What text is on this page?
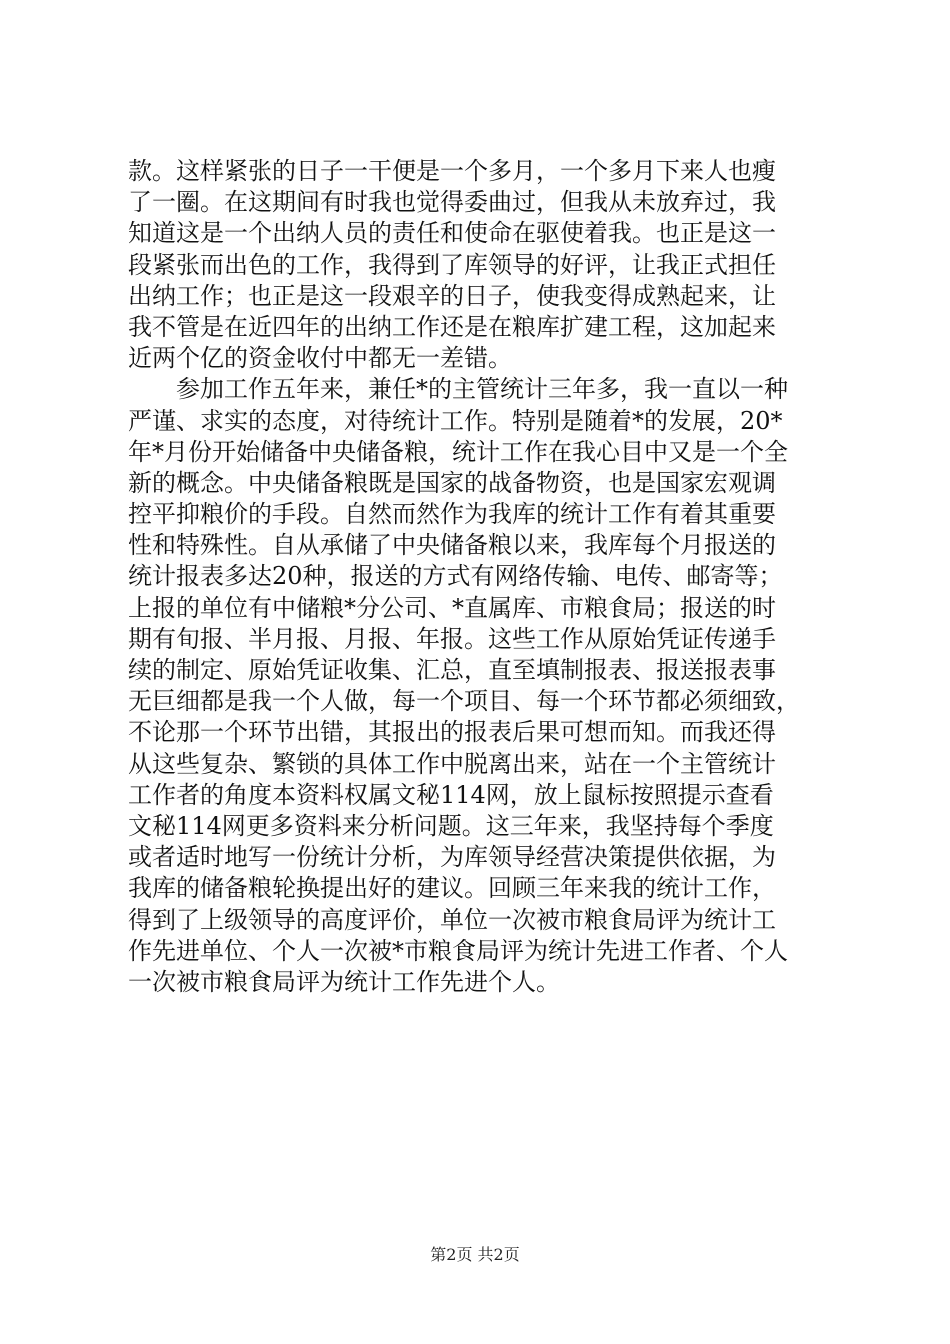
款。这样紧张的日子一干便是一个多月，一个多月下来人也瘦
了一圈。在这期间有时我也觉得委曲过，但我从未放弃过，我
知道这是一个出纳人员的责任和使命在驱使着我。也正是这一
段紧张而出色的工作，我得到了库领导的好评，让我正式担任
出纳工作；也正是这一段艰辛的日子，使我变得成熟起来，让
我不管是在近四年的出纳工作还是在粮库扩建工程，这加起来
近两个亿的资金收付中都无一差错。
　　参加工作五年来，兼任*的主管统计三年多，我一直以一种
严谨、求实的态度，对待统计工作。特别是随着*的发展，20*
年*月份开始储备中央储备粮，统计工作在我心目中又是一个全
新的概念。中央储备粮既是国家的战备物资，也是国家宏观调
控平抑粮价的手段。自然而然作为我库的统计工作有着其重要
性和特殊性。自从承储了中央储备粮以来，我库每个月报送的
统计报表多达20种，报送的方式有网络传输、电传、邮寄等；
上报的单位有中储粮*分公司、*直属库、市粮食局；报送的时
期有旬报、半月报、月报、年报。这些工作从原始凭证传递手
续的制定、原始凭证收集、汇总，直至填制报表、报送报表事
无巨细都是我一个人做，每一个项目、每一个环节都必须细致，
不论那一个环节出错，其报出的报表后果可想而知。而我还得
从这些复杂、繁锁的具体工作中脱离出来，站在一个主管统计
工作者的角度本资料权属文秘114网，放上鼠标按照提示查看
文秘114网更多资料来分析问题。这三年来，我坚持每个季度
或者适时地写一份统计分析，为库领导经营决策提供依据，为
我库的储备粮轮换提出好的建议。回顾三年来我的统计工作，
得到了上级领导的高度评价，单位一次被市粮食局评为统计工
作先进单位、个人一次被*市粮食局评为统计先进工作者、个人
一次被市粮食局评为统计工作先进个人。
第2页 共2页
